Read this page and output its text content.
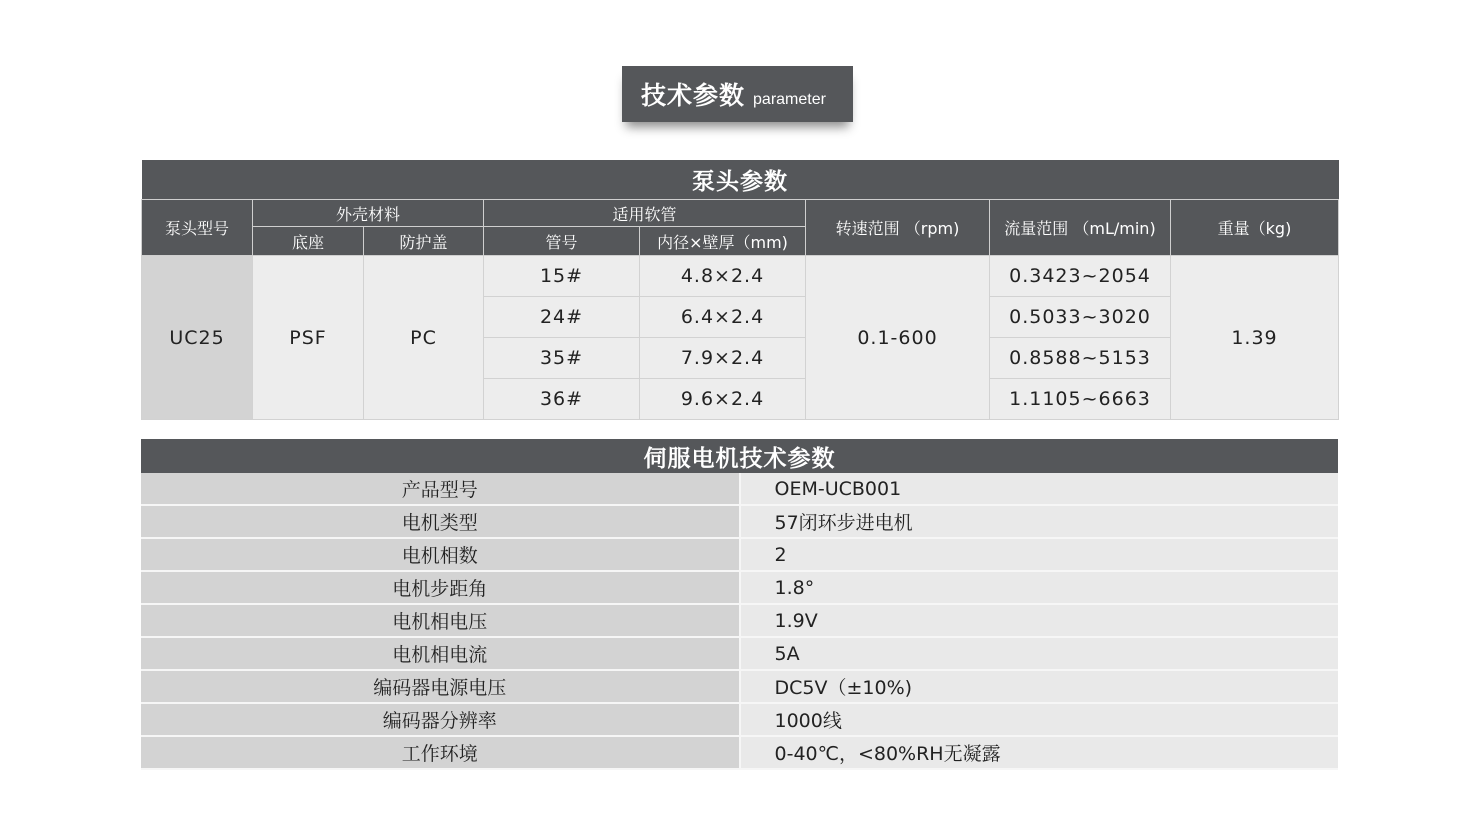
技术参数 parameter
泵头参数							
泵头型号	外壳材料		适用软管		转速范围 （rpm)	流量范围 （mL/min)	重量（kg)
	底座	防护盖	管号	内径×壁厚（mm)			
UC25	PSF	PC	15#	4.8×2.4	0.1-600	0.3423~2054	1.39
			24#	6.4×2.4		0.5033~3020	
			35#	7.9×2.4		0.8588~5153	
			36#	9.6×2.4		1.1105~6663	
伺服电机技术参数	
产品型号	OEM-UCB001
电机类型	57闭环步进电机
电机相数	2
电机步距角	1.8°
电机相电压	1.9V
电机相电流	5A
编码器电源电压	DC5V（±10%)
编码器分辨率	1000线
工作环境	0-40℃，<80%RH无凝露
